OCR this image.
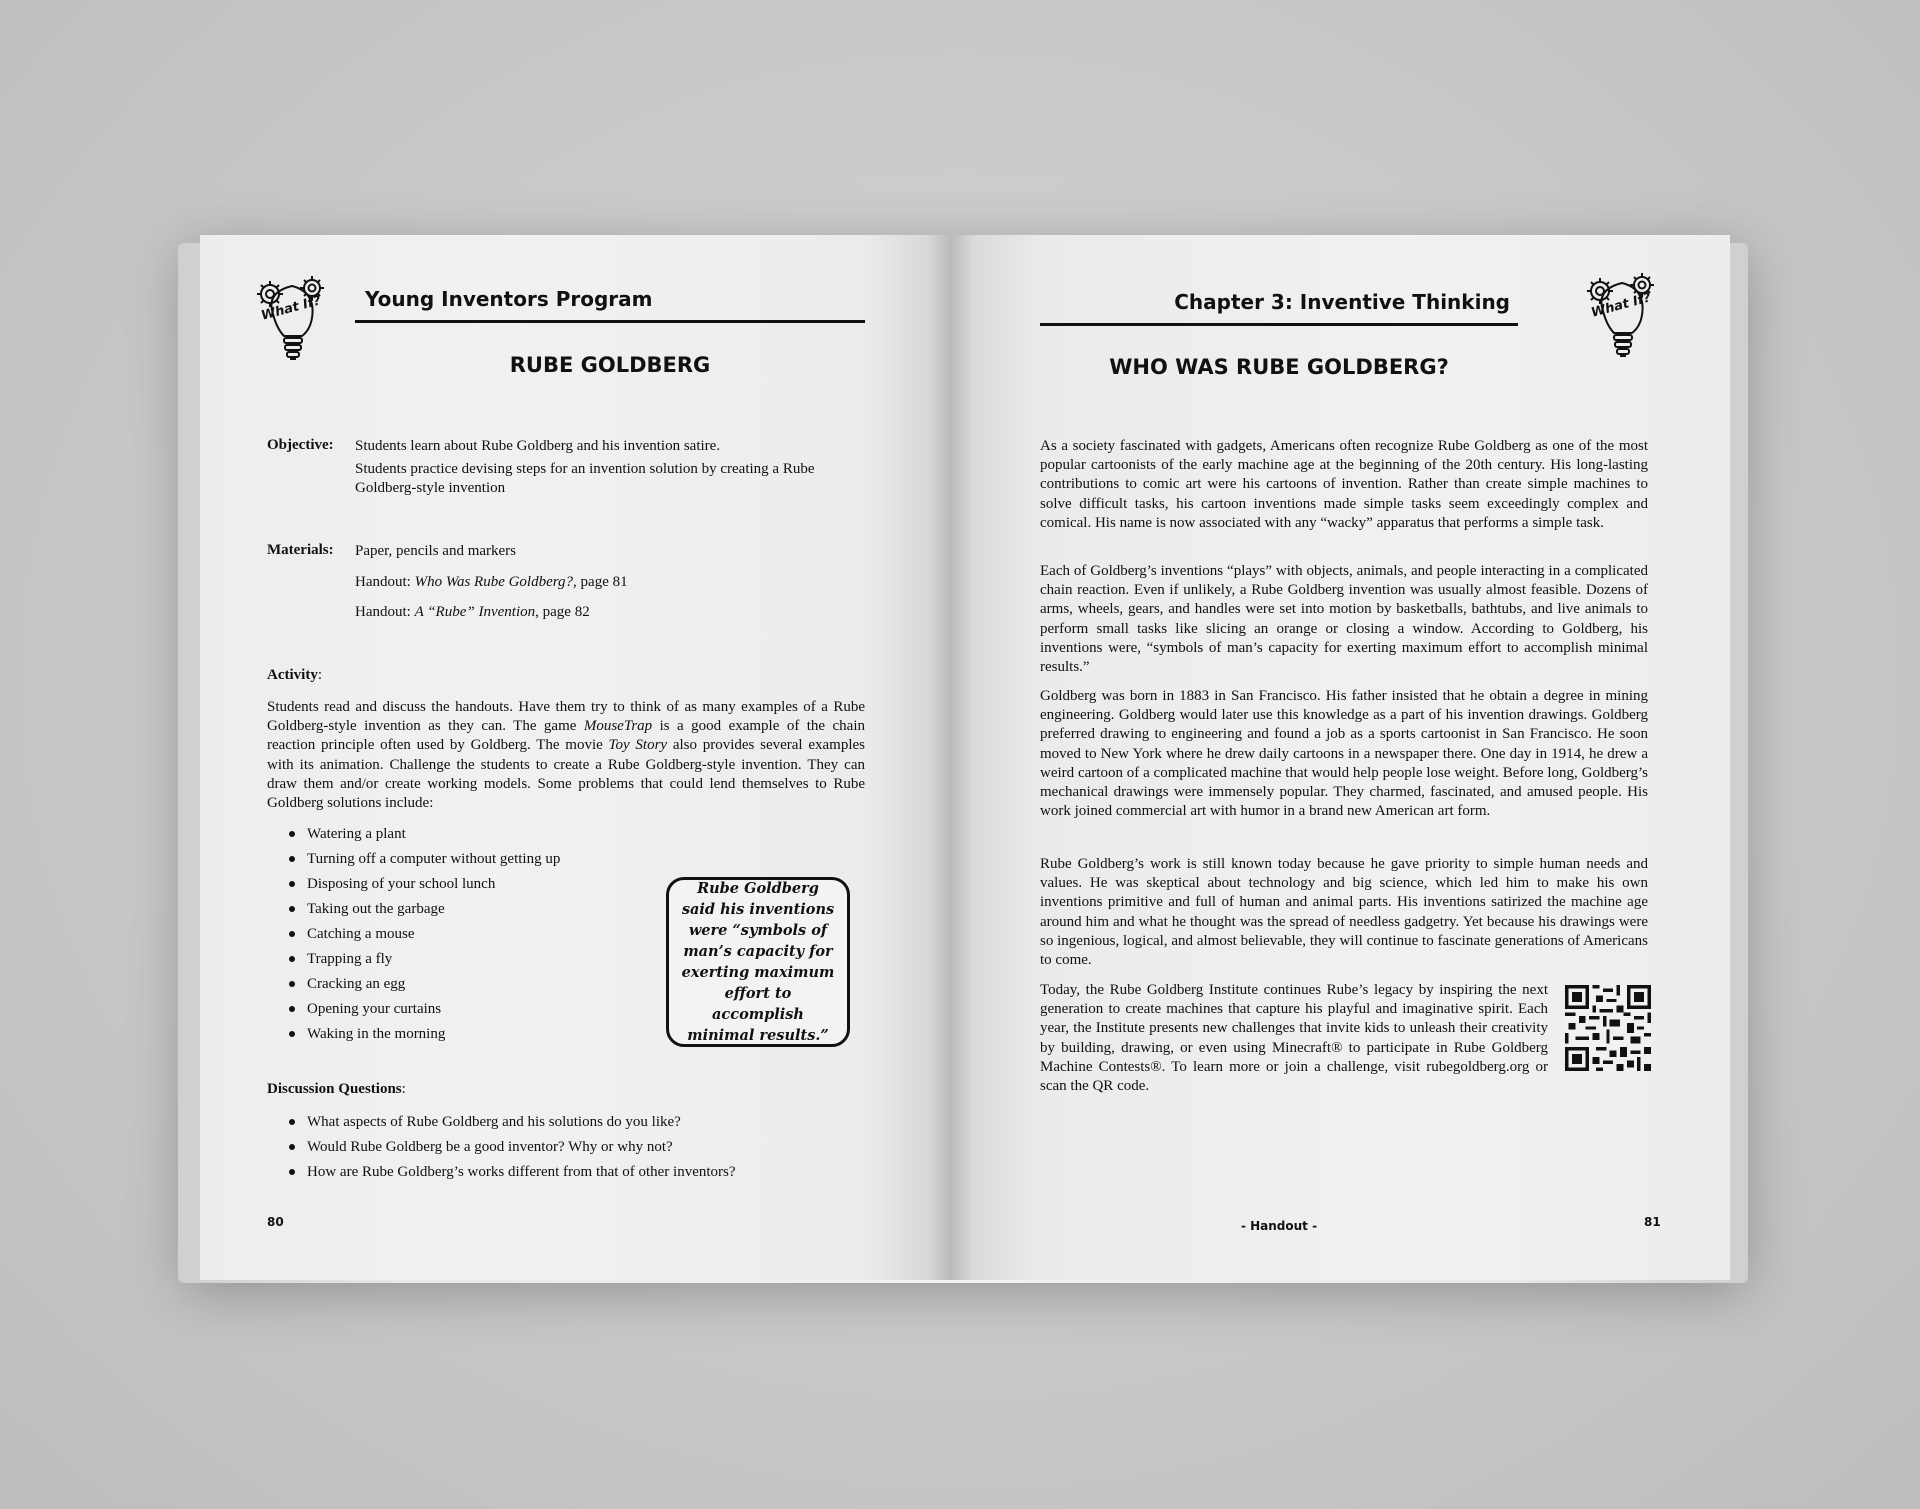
What If? Young Inventors Program
RUBE GOLDBERG
Objective: Students learn about Rube Goldberg and his invention satire.
Students practice devising steps for an invention solution by creating a Rube Goldberg-style invention
Materials: Paper, pencils and markers
Handout: Who Was Rube Goldberg?, page 81
Handout: A “Rube” Invention, page 82
Activity:
Students read and discuss the handouts. Have them try to think of as many examples of a Rube Goldberg-style invention as they can. The game MouseTrap is a good example of the chain reaction principle often used by Goldberg. The movie Toy Story also provides several examples with its animation. Challenge the students to create a Rube Goldberg-style invention. They can draw them and/or create working models. Some problems that could lend themselves to Rube Goldberg solutions include:
Watering a plant
Turning off a computer without getting up
Disposing of your school lunch
Taking out the garbage
Catching a mouse
Trapping a fly
Cracking an egg
Opening your curtains
Waking in the morning
Rube Goldberg said his inventions were “symbols of man’s capacity for exerting maximum effort to accomplish minimal results.”
Discussion Questions:
What aspects of Rube Goldberg and his solutions do you like?
Would Rube Goldberg be a good inventor? Why or why not?
How are Rube Goldberg’s works different from that of other inventors?
80
Chapter 3: Inventive Thinking	What If?
WHO WAS RUBE GOLDBERG?
As a society fascinated with gadgets, Americans often recognize Rube Goldberg as one of the most popular cartoonists of the early machine age at the beginning of the 20th century. His long-lasting contributions to comic art were his cartoons of invention. Rather than create simple machines to solve difficult tasks, his cartoon inventions made simple tasks seem exceedingly complex and comical. His name is now associated with any “wacky” apparatus that performs a simple task.
Each of Goldberg’s inventions “plays” with objects, animals, and people interacting in a complicated chain reaction. Even if unlikely, a Rube Goldberg invention was usually almost feasible. Dozens of arms, wheels, gears, and handles were set into motion by basketballs, bathtubs, and live animals to perform small tasks like slicing an orange or closing a window. According to Goldberg, his inventions were, “symbols of man’s capacity for exerting maximum effort to accomplish minimal results.”
Goldberg was born in 1883 in San Francisco. His father insisted that he obtain a degree in mining engineering. Goldberg would later use this knowledge as a part of his invention drawings. Goldberg preferred drawing to engineering and found a job as a sports cartoonist in San Francisco. He soon moved to New York where he drew daily cartoons in a newspaper there. One day in 1914, he drew a weird cartoon of a complicated machine that would help people lose weight. Before long, Goldberg’s mechanical drawings were immensely popular. They charmed, fascinated, and amused people. His work joined commercial art with humor in a brand new American art form.
Rube Goldberg’s work is still known today because he gave priority to simple human needs and values. He was skeptical about technology and big science, which led him to make his own inventions primitive and full of human and animal parts. His inventions satirized the machine age around him and what he thought was the spread of needless gadgetry. Yet because his drawings were so ingenious, logical, and almost believable, they will continue to fascinate generations of Americans to come.
Today, the Rube Goldberg Institute continues Rube’s legacy by inspiring the next generation to create machines that capture his playful and imaginative spirit. Each year, the Institute presents new challenges that invite kids to unleash their creativity by building, drawing, or even using Minecraft® to participate in Rube Goldberg Machine Contests®. To learn more or join a challenge, visit rubegoldberg.org or scan the QR code.
- Handout -	81
